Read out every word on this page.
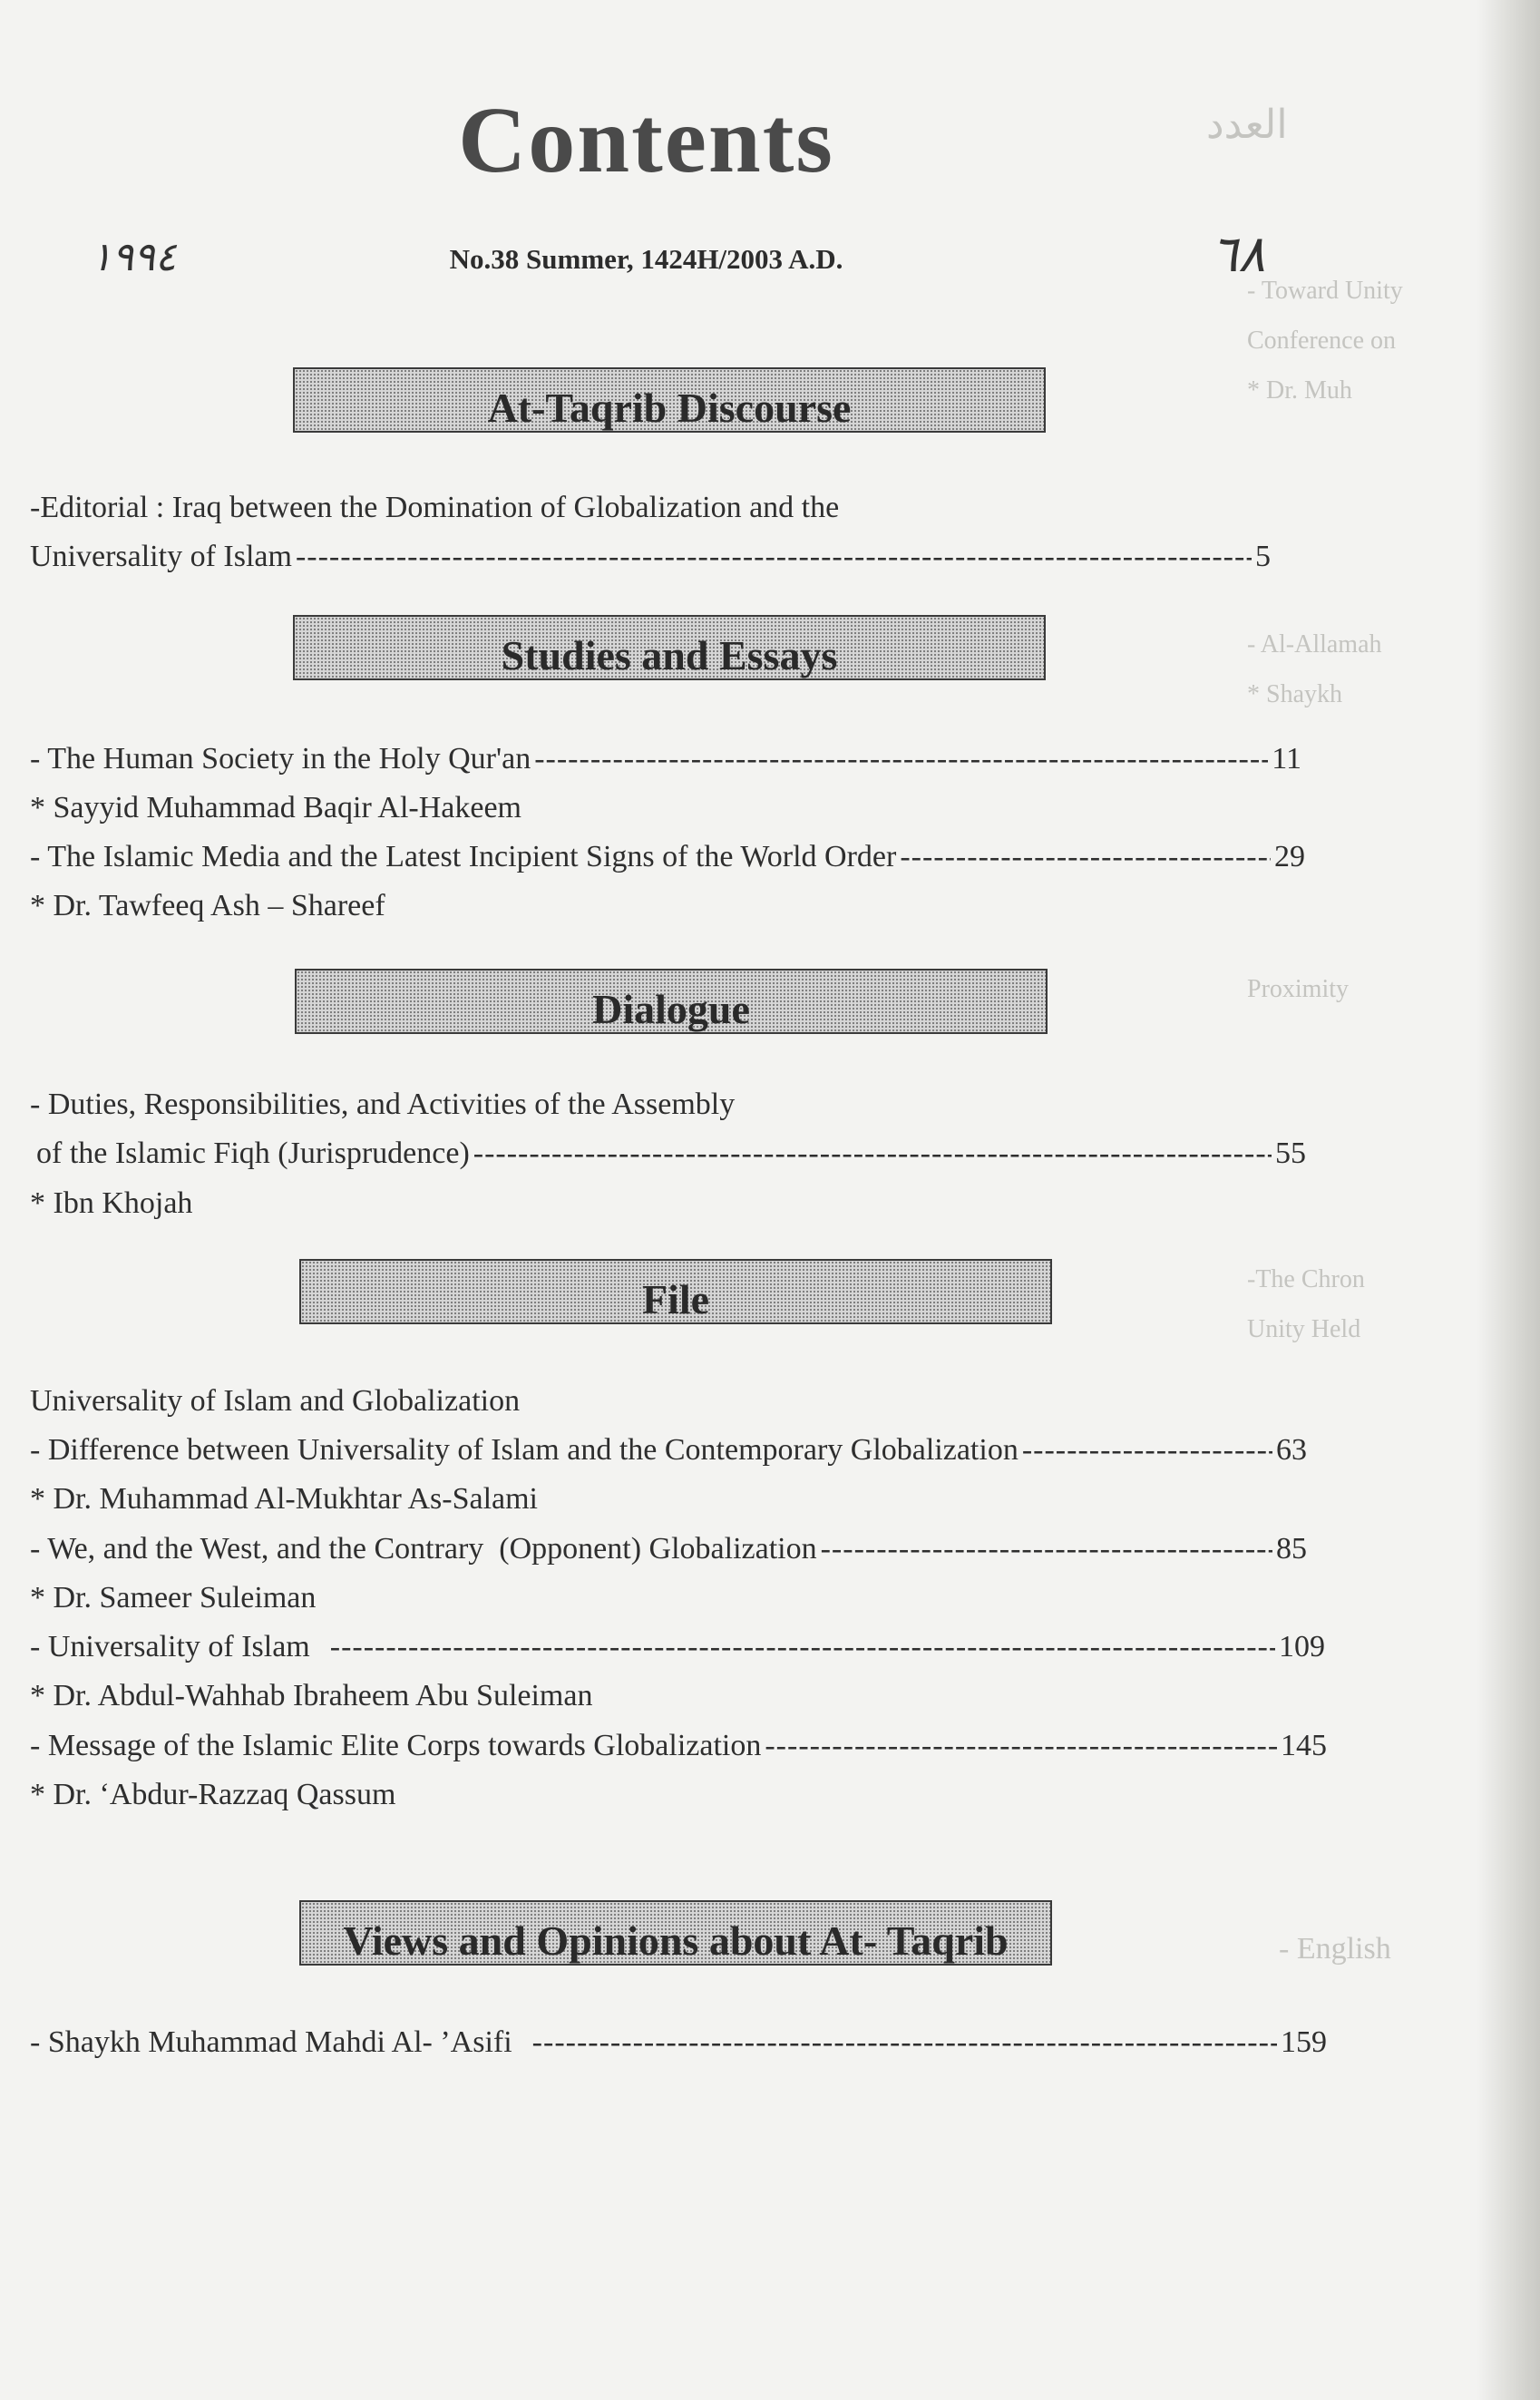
ﺍﻟﻌﺪﺩ
- Toward Unity
Conference on
* Dr. Muh
- Al-Allamah
* Shaykh
Proximity
-The Chron
Unity Held
- English
Contents
No.38 Summer, 1424H/2003 A.D.
١٩٩٤	٦٨
At-Taqrib Discourse
-Editorial : Iraq between the Domination of Globalization and the
Universality of Islam -----	5
Studies and Essays
- The Human Society in the Holy Qur'an -----	11
* Sayyid Muhammad Baqir Al-Hakeem
- The Islamic Media and the Latest Incipient Signs of the World Order -----	29
* Dr. Tawfeeq Ash – Shareef
Dialogue
- Duties, Responsibilities, and Activities of the Assembly
of the Islamic Fiqh (Jurisprudence) -----	55
* Ibn Khojah
File
Universality of Islam and Globalization
- Difference between Universality of Islam and the Contemporary Globalization -----	63
* Dr. Muhammad Al-Mukhtar As-Salami
- We, and the West, and the Contrary  (Opponent) Globalization -----	85
* Dr. Sameer Suleiman
- Universality of Islam -----	109
* Dr. Abdul-Wahhab Ibraheem Abu Suleiman
- Message of the Islamic Elite Corps towards Globalization -----	145
* Dr. ‘Abdur-Razzaq Qassum
Views and Opinions about At- Taqrib
- Shaykh Muhammad Mahdi Al- ’Asifi -----	159
